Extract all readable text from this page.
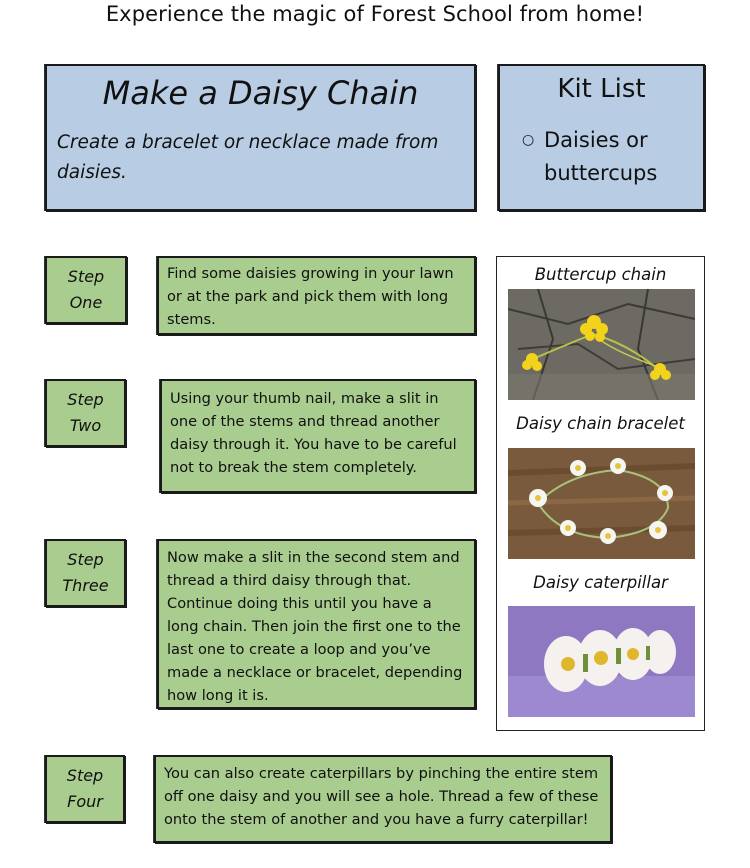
Experience the magic of Forest School from home!
Make a Daisy Chain
Create a bracelet or necklace made from daisies.
Kit List
○ Daisies or buttercups
Step One
Find some daisies growing in your lawn or at the park and pick them with long stems.
Step Two
Using your thumb nail, make a slit in one of the stems and thread another daisy through it. You have to be careful not to break the stem completely.
Step Three
Now make a slit in the second stem and thread a third daisy through that. Continue doing this until you have a long chain. Then join the first one to the last one to create a loop and you’ve made a necklace or bracelet, depending how long it is.
Step Four
You can also create caterpillars by pinching the entire stem off one daisy and you will see a hole. Thread a few of these onto the stem of another and you have a furry caterpillar!
Buttercup chain
Daisy chain bracelet
Daisy caterpillar
